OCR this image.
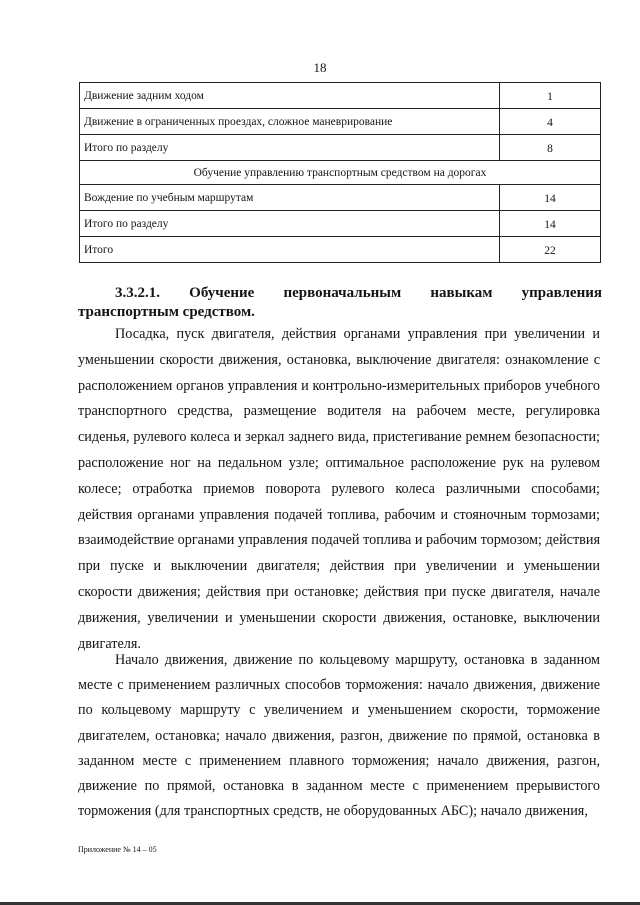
18
Движение задним ходом	1
Движение в ограниченных проездах, сложное маневрирование	4
Итого по разделу	8
Обучение управлению транспортным средством на дорогах	
Вождение по учебным маршрутам	14
Итого по разделу	14
Итого	22

3.3.2.1. Обучение первоначальным навыкам управления транспортным средством.

Посадка, пуск двигателя, действия органами управления при увеличении и уменьшении скорости движения, остановка, выключение двигателя: ознакомление с расположением органов управления и контрольно-измерительных приборов учебного транспортного средства, размещение водителя на рабочем месте, регулировка сиденья, рулевого колеса и зеркал заднего вида, пристегивание ремнем безопасности; расположение ног на педальном узле; оптимальное расположение рук на рулевом колесе; отработка приемов поворота рулевого колеса различными способами; действия органами управления подачей топлива, рабочим и стояночным тормозами; взаимодействие органами управления подачей топлива и рабочим тормозом; действия при пуске и выключении двигателя; действия при увеличении и уменьшении скорости движения; действия при остановке; действия при пуске двигателя, начале движения, увеличении и уменьшении скорости движения, остановке, выключении двигателя.

Начало движения, движение по кольцевому маршруту, остановка в заданном месте с применением различных способов торможения: начало движения, движение по кольцевому маршруту с увеличением и уменьшением скорости, торможение двигателем, остановка; начало движения, разгон, движение по прямой, остановка в заданном месте с применением плавного торможения; начало движения, разгон, движение по прямой, остановка в заданном месте с применением прерывистого торможения (для транспортных средств, не оборудованных АБС); начало движения,

Приложение № 14 – 05
